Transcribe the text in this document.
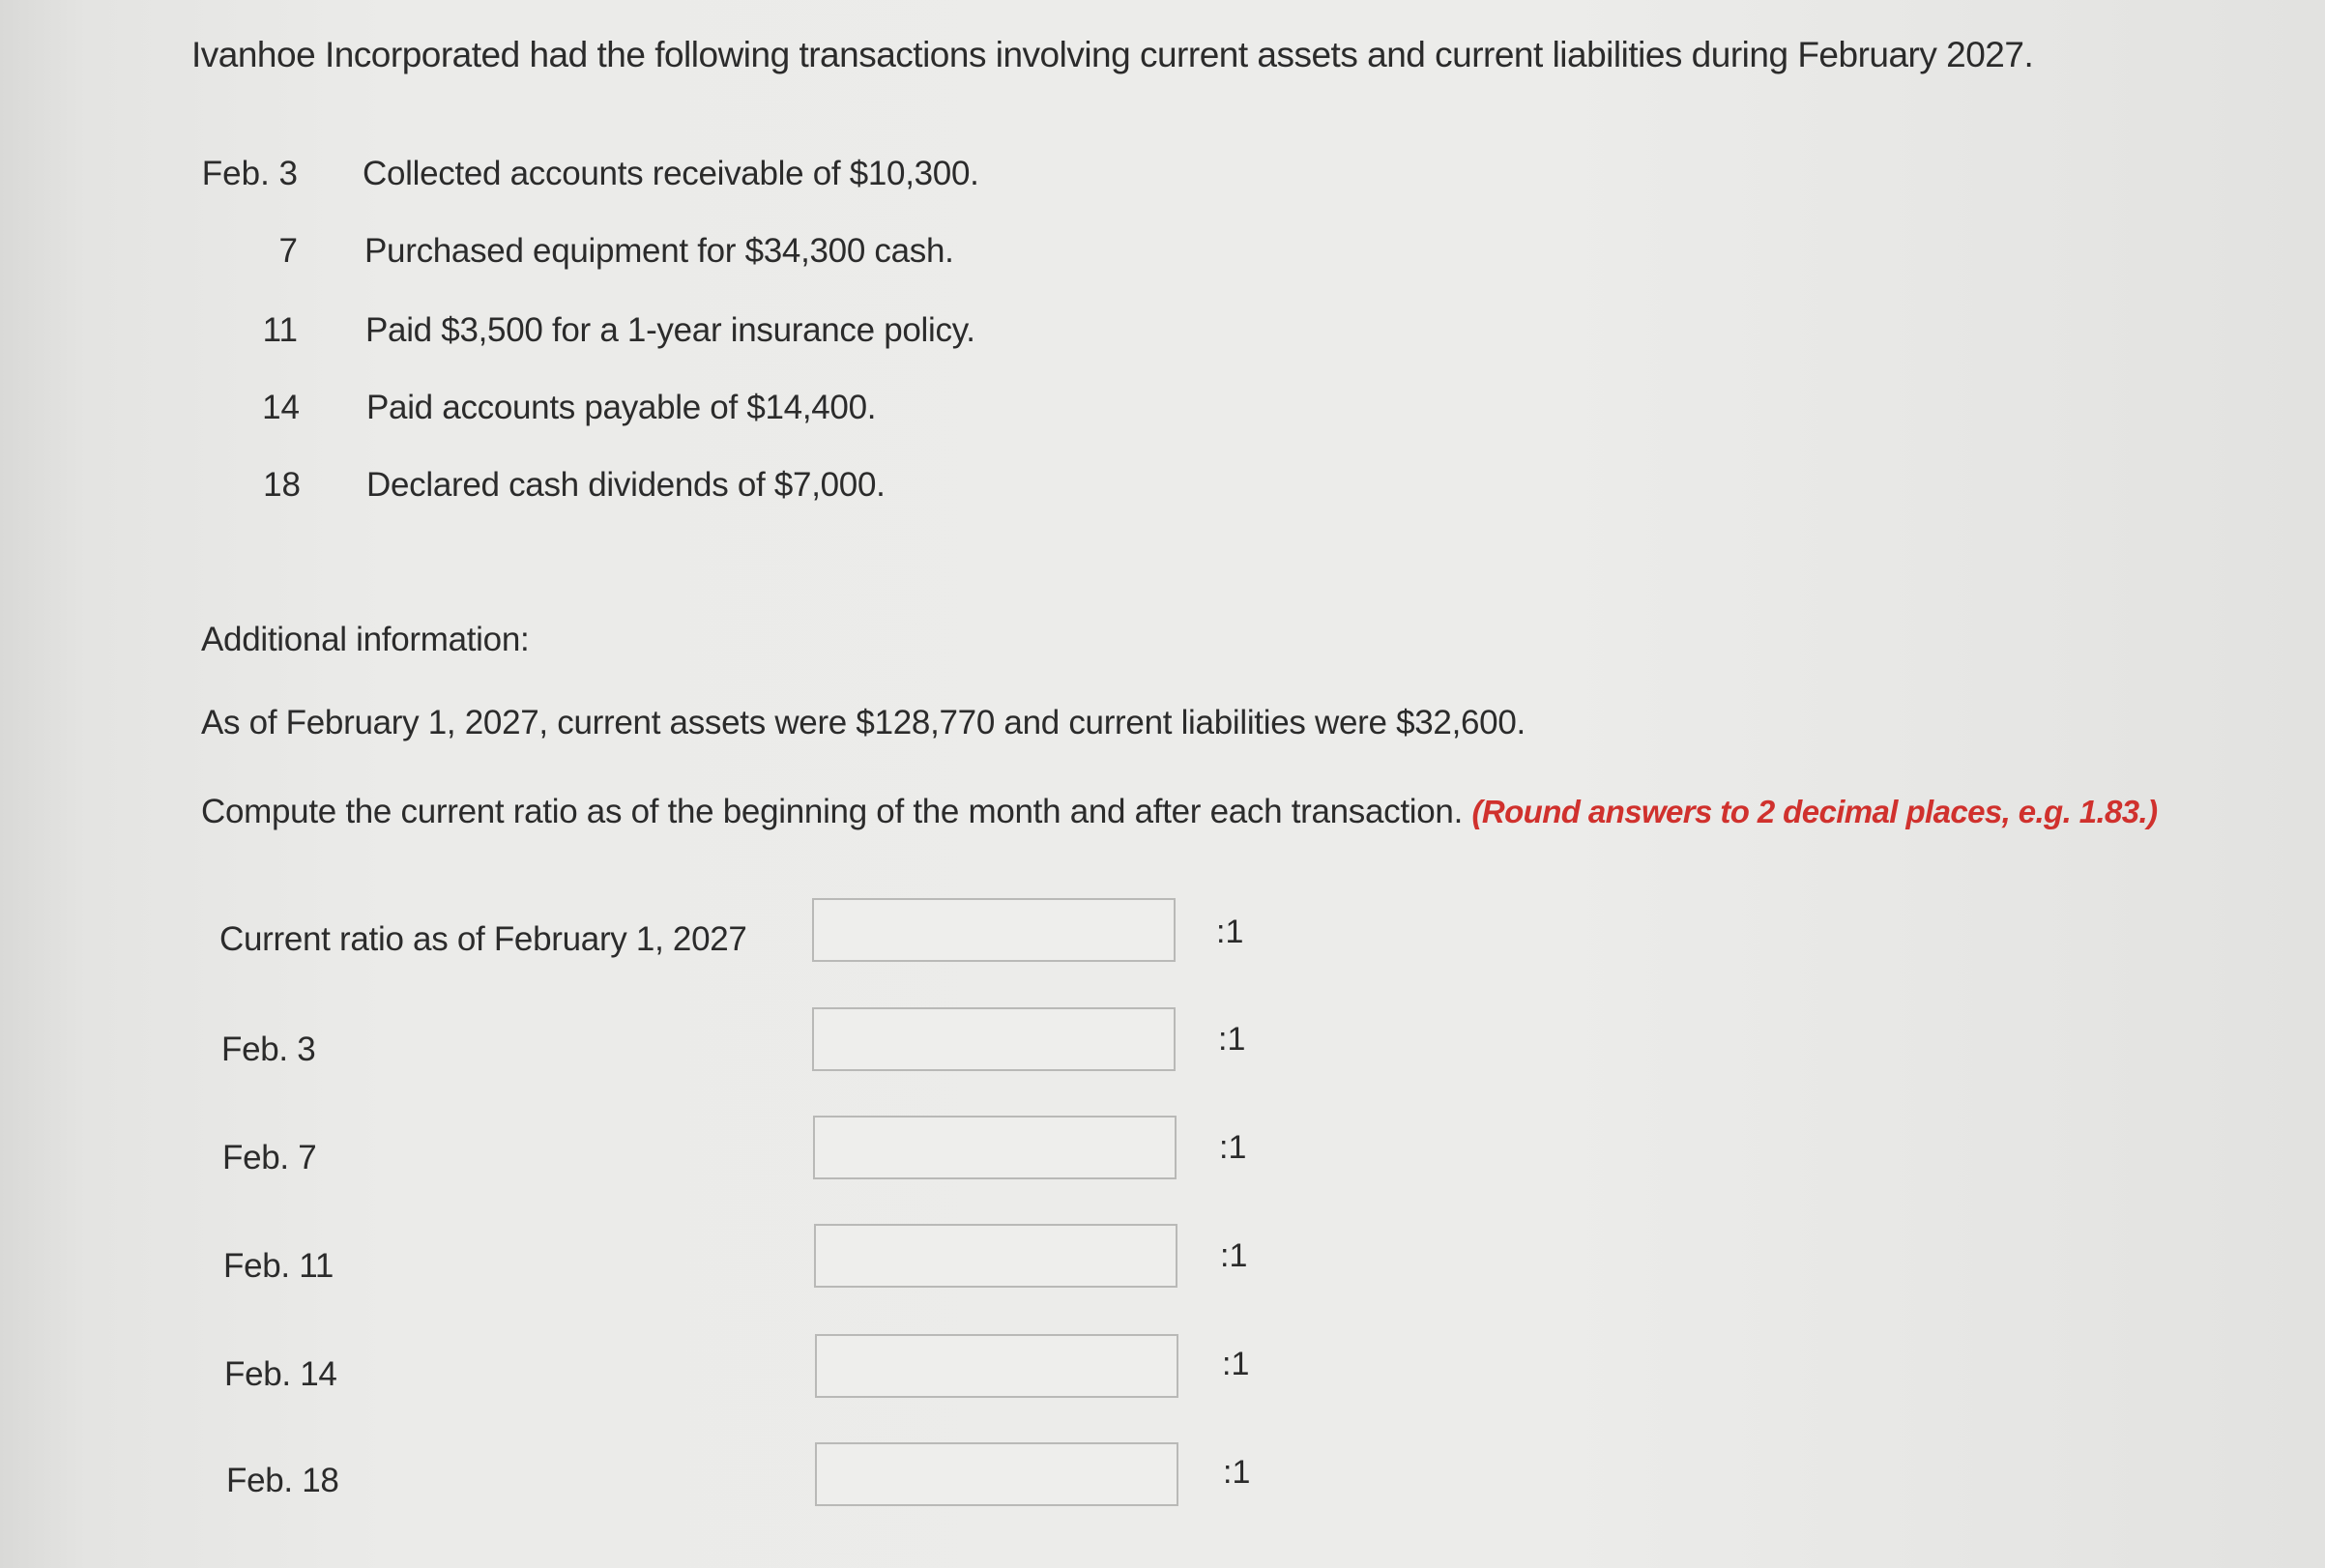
Ivanhoe Incorporated had the following transactions involving current assets and current liabilities during February 2027.
Feb. 3 Collected accounts receivable of $10,300.
7 Purchased equipment for $34,300 cash.
11 Paid $3,500 for a 1-year insurance policy.
14 Paid accounts payable of $14,400.
18 Declared cash dividends of $7,000.
Additional information:
As of February 1, 2027, current assets were $128,770 and current liabilities were $32,600.
Compute the current ratio as of the beginning of the month and after each transaction. (Round answers to 2 decimal places, e.g. 1.83.)
Current ratio as of February 1, 2027	:1
Feb. 3	:1
Feb. 7	:1
Feb. 11	:1
Feb. 14	:1
Feb. 18	:1
